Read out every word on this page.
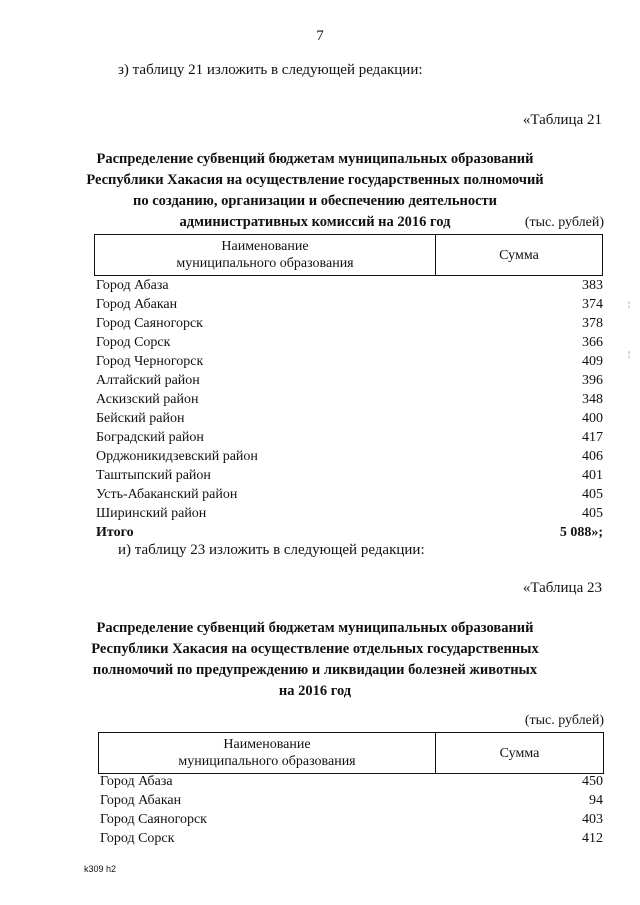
7
з) таблицу 21 изложить в следующей редакции:
«Таблица 21
Распределение субвенций бюджетам муниципальных образований
Республики Хакасия на осуществление государственных полномочий
по созданию, организации и обеспечению деятельности
административных комиссий на 2016 год	(тыс. рублей)
Наименование
муниципального образования
	Сумма
Город Абаза	383
Город Абакан	374
Город Саяногорск	378
Город Сорск	366
Город Черногорск	409
Алтайский район	396
Аскизский район	348
Бейский район	400
Боградский район	417
Орджоникидзевский район	406
Таштыпский район	401
Усть-Абаканский район	405
Ширинский район	405
Итого	5 088»;
и) таблицу 23 изложить в следующей редакции:
«Таблица 23
Распределение субвенций бюджетам муниципальных образований
Республики Хакасия на осуществление отдельных государственных
полномочий по предупреждению и ликвидации болезней животных
на 2016 год
(тыс. рублей)
Наименование
муниципального образования
	Сумма
Город Абаза	450
Город Абакан	94
Город Саяногорск	403
Город Сорск	412
k309 h2
¦
¦
